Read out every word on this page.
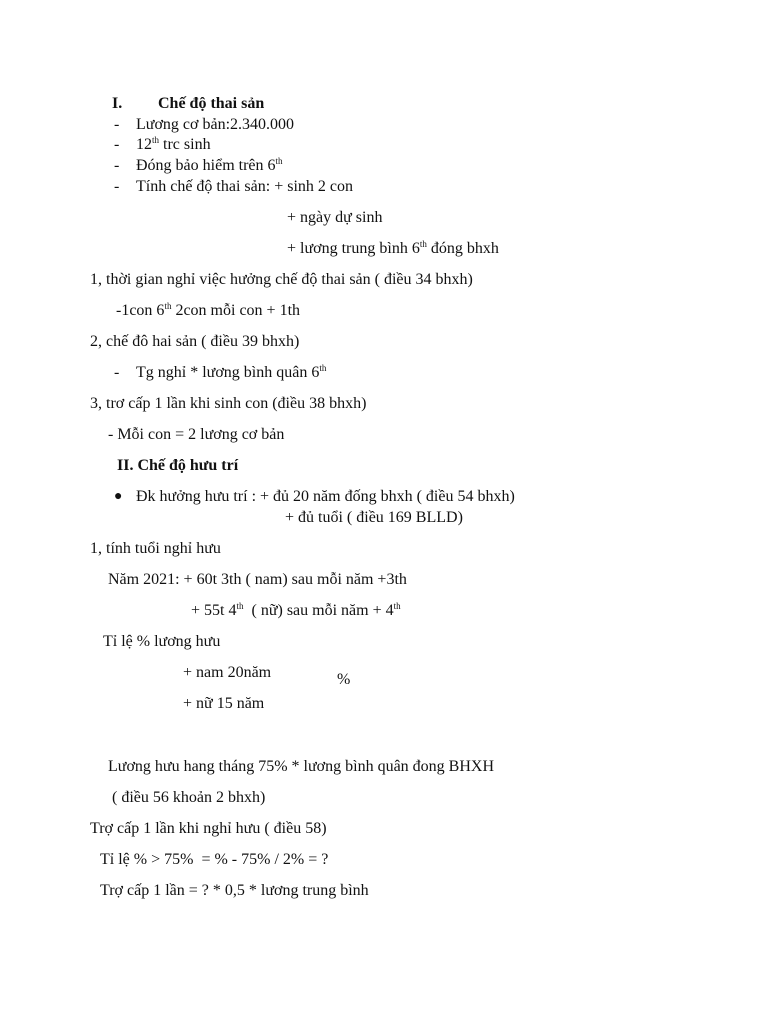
I. Chế độ thai sản
- Lương cơ bản:2.340.000
- 12th trc sinh
- Đóng bảo hiểm trên 6th
- Tính chế độ thai sản: + sinh 2 con
+ ngày dự sinh
+ lương trung bình 6th đóng bhxh
1, thời gian nghỉ việc hưởng chế độ thai sản ( điều 34 bhxh)
-1con 6th 2con mỗi con + 1th
2, chế đô hai sản ( điều 39 bhxh)
- Tg nghỉ * lương bình quân 6th
3, trơ cấp 1 lần khi sinh con (điều 38 bhxh)
- Mỗi con = 2 lương cơ bản
II. Chế độ hưu trí
● Đk hưởng hưu trí : + đủ 20 năm đống bhxh ( điều 54 bhxh)
+ đủ tuổi ( điều 169 BLLD)
1, tính tuổi nghỉ hưu
Năm 2021: + 60t 3th ( nam) sau mỗi năm +3th
+ 55t 4th  ( nữ) sau mỗi năm + 4th
Tỉ lệ % lương hưu
+ nam 20năm	%
+ nữ 15 năm
Lương hưu hang tháng 75% * lương bình quân đong BHXH
( điều 56 khoản 2 bhxh)
Trợ cấp 1 lần khi nghỉ hưu ( điều 58)
Tỉ lệ % > 75%  = % - 75% / 2% = ?
Trợ cấp 1 lần = ? * 0,5 * lương trung bình
